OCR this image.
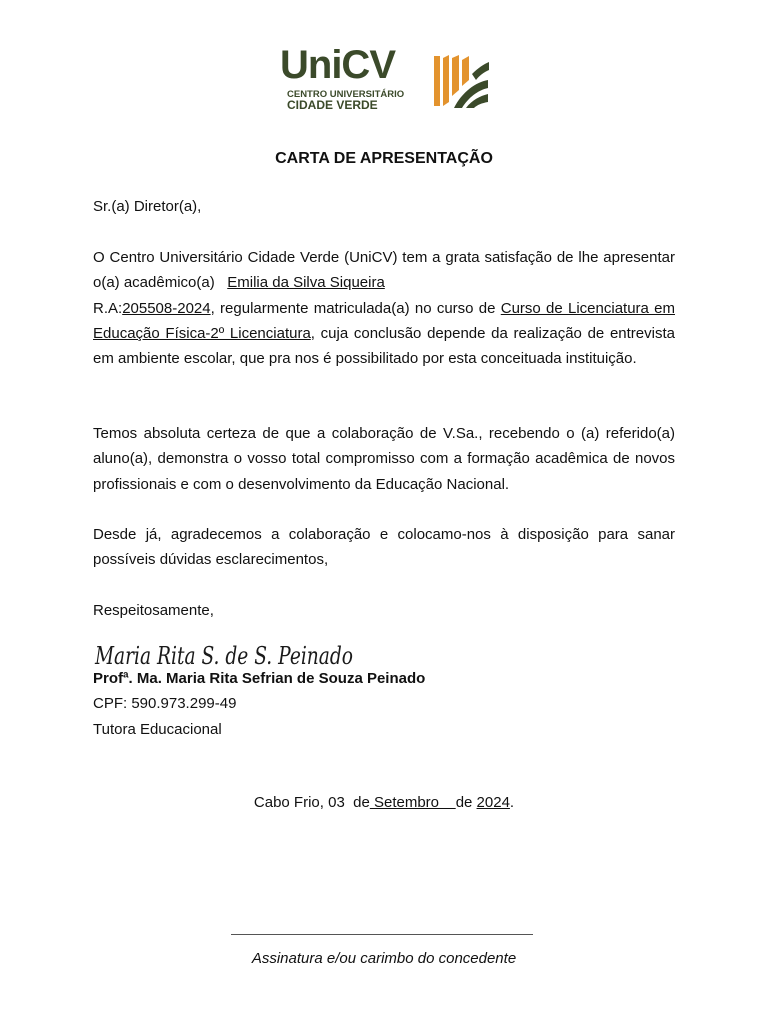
UniCV
CENTRO UNIVERSITÁRIO
CIDADE VERDE
CARTA DE APRESENTAÇÃO
Sr.(a) Diretor(a),
O Centro Universitário Cidade Verde (UniCV) tem a grata satisfação de lhe apresentar o(a) acadêmico(a) Emilia da Silva Siqueira
R.A:205508-2024, regularmente matriculada(a) no curso de Curso de Licenciatura em Educação Física-2º Licenciatura, cuja conclusão depende da realização de entrevista em ambiente escolar, que pra nos é possibilitado por esta conceituada instituição.
Temos absoluta certeza de que a colaboração de V.Sa., recebendo o (a) referido(a) aluno(a), demonstra o vosso total compromisso com a formação acadêmica de novos profissionais e com o desenvolvimento da Educação Nacional.
Desde já, agradecemos a colaboração e colocamo-nos à disposição para sanar possíveis dúvidas esclarecimentos,
Respeitosamente,
Maria Rita S. de S. Peinado
Profª. Ma. Maria Rita Sefrian de Souza Peinado
CPF: 590.973.299-49
Tutora Educacional
Cabo Frio, 03  de Setembro    de 2024.
Assinatura e/ou carimbo do concedente
